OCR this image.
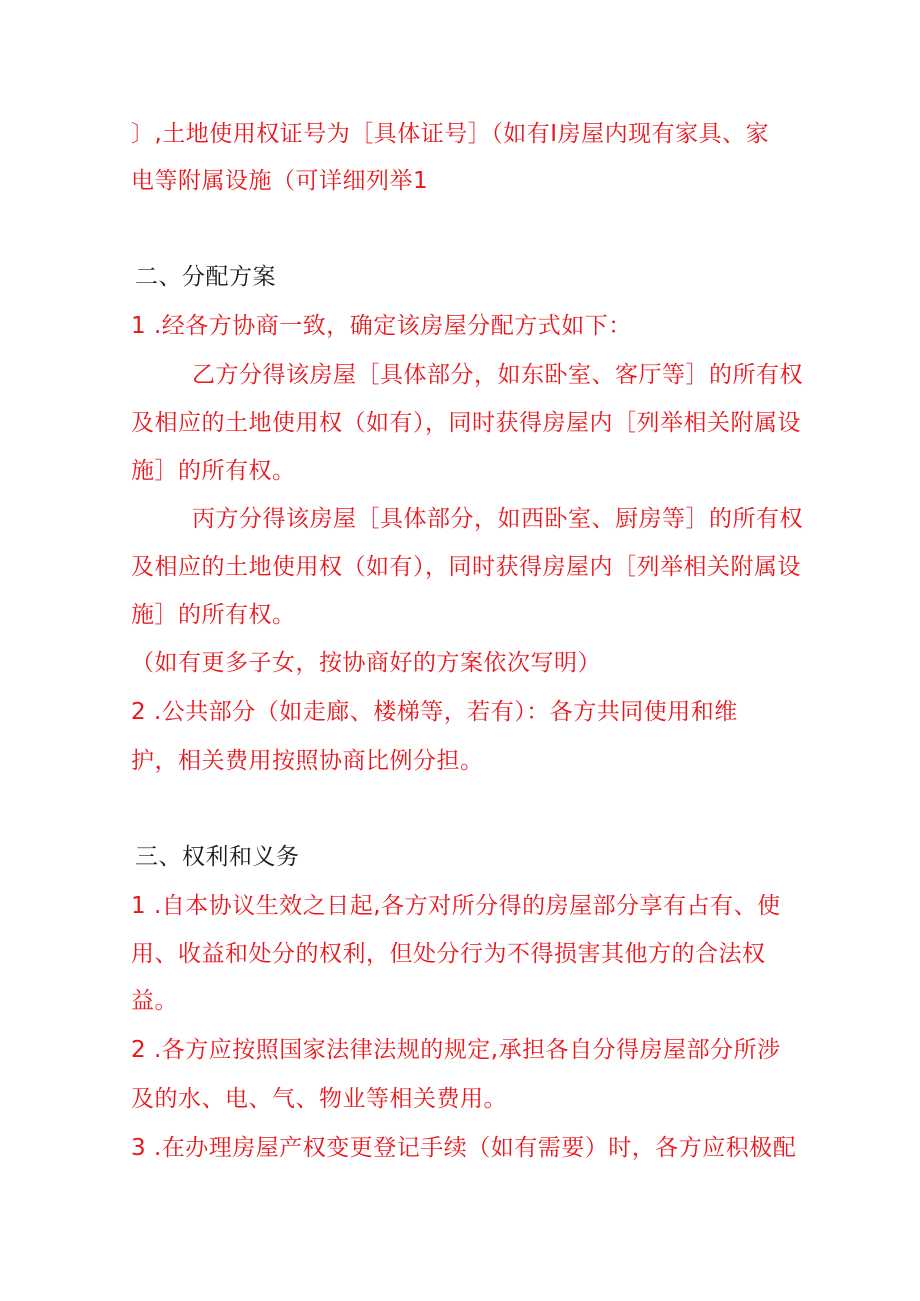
〕,土地使用权证号为［具体证号］（如有I房屋内现有家具、家
电等附属设施（可详细列举1
二、分配方案
1 .经各方协商一致，确定该房屋分配方式如下：
乙方分得该房屋［具体部分，如东卧室、客厅等］的所有权
及相应的土地使用权（如有），同时获得房屋内［列举相关附属设
施］的所有权。
丙方分得该房屋［具体部分，如西卧室、厨房等］的所有权
及相应的土地使用权（如有），同时获得房屋内［列举相关附属设
施］的所有权。
（如有更多子女，按协商好的方案依次写明）
2 .公共部分（如走廊、楼梯等，若有）：各方共同使用和维
护，相关费用按照协商比例分担。
三、权利和义务
1 .自本协议生效之日起,各方对所分得的房屋部分享有占有、使
用、收益和处分的权利，但处分行为不得损害其他方的合法权
益。
2 .各方应按照国家法律法规的规定,承担各自分得房屋部分所涉
及的水、电、气、物业等相关费用。
3 .在办理房屋产权变更登记手续（如有需要）时，各方应积极配
